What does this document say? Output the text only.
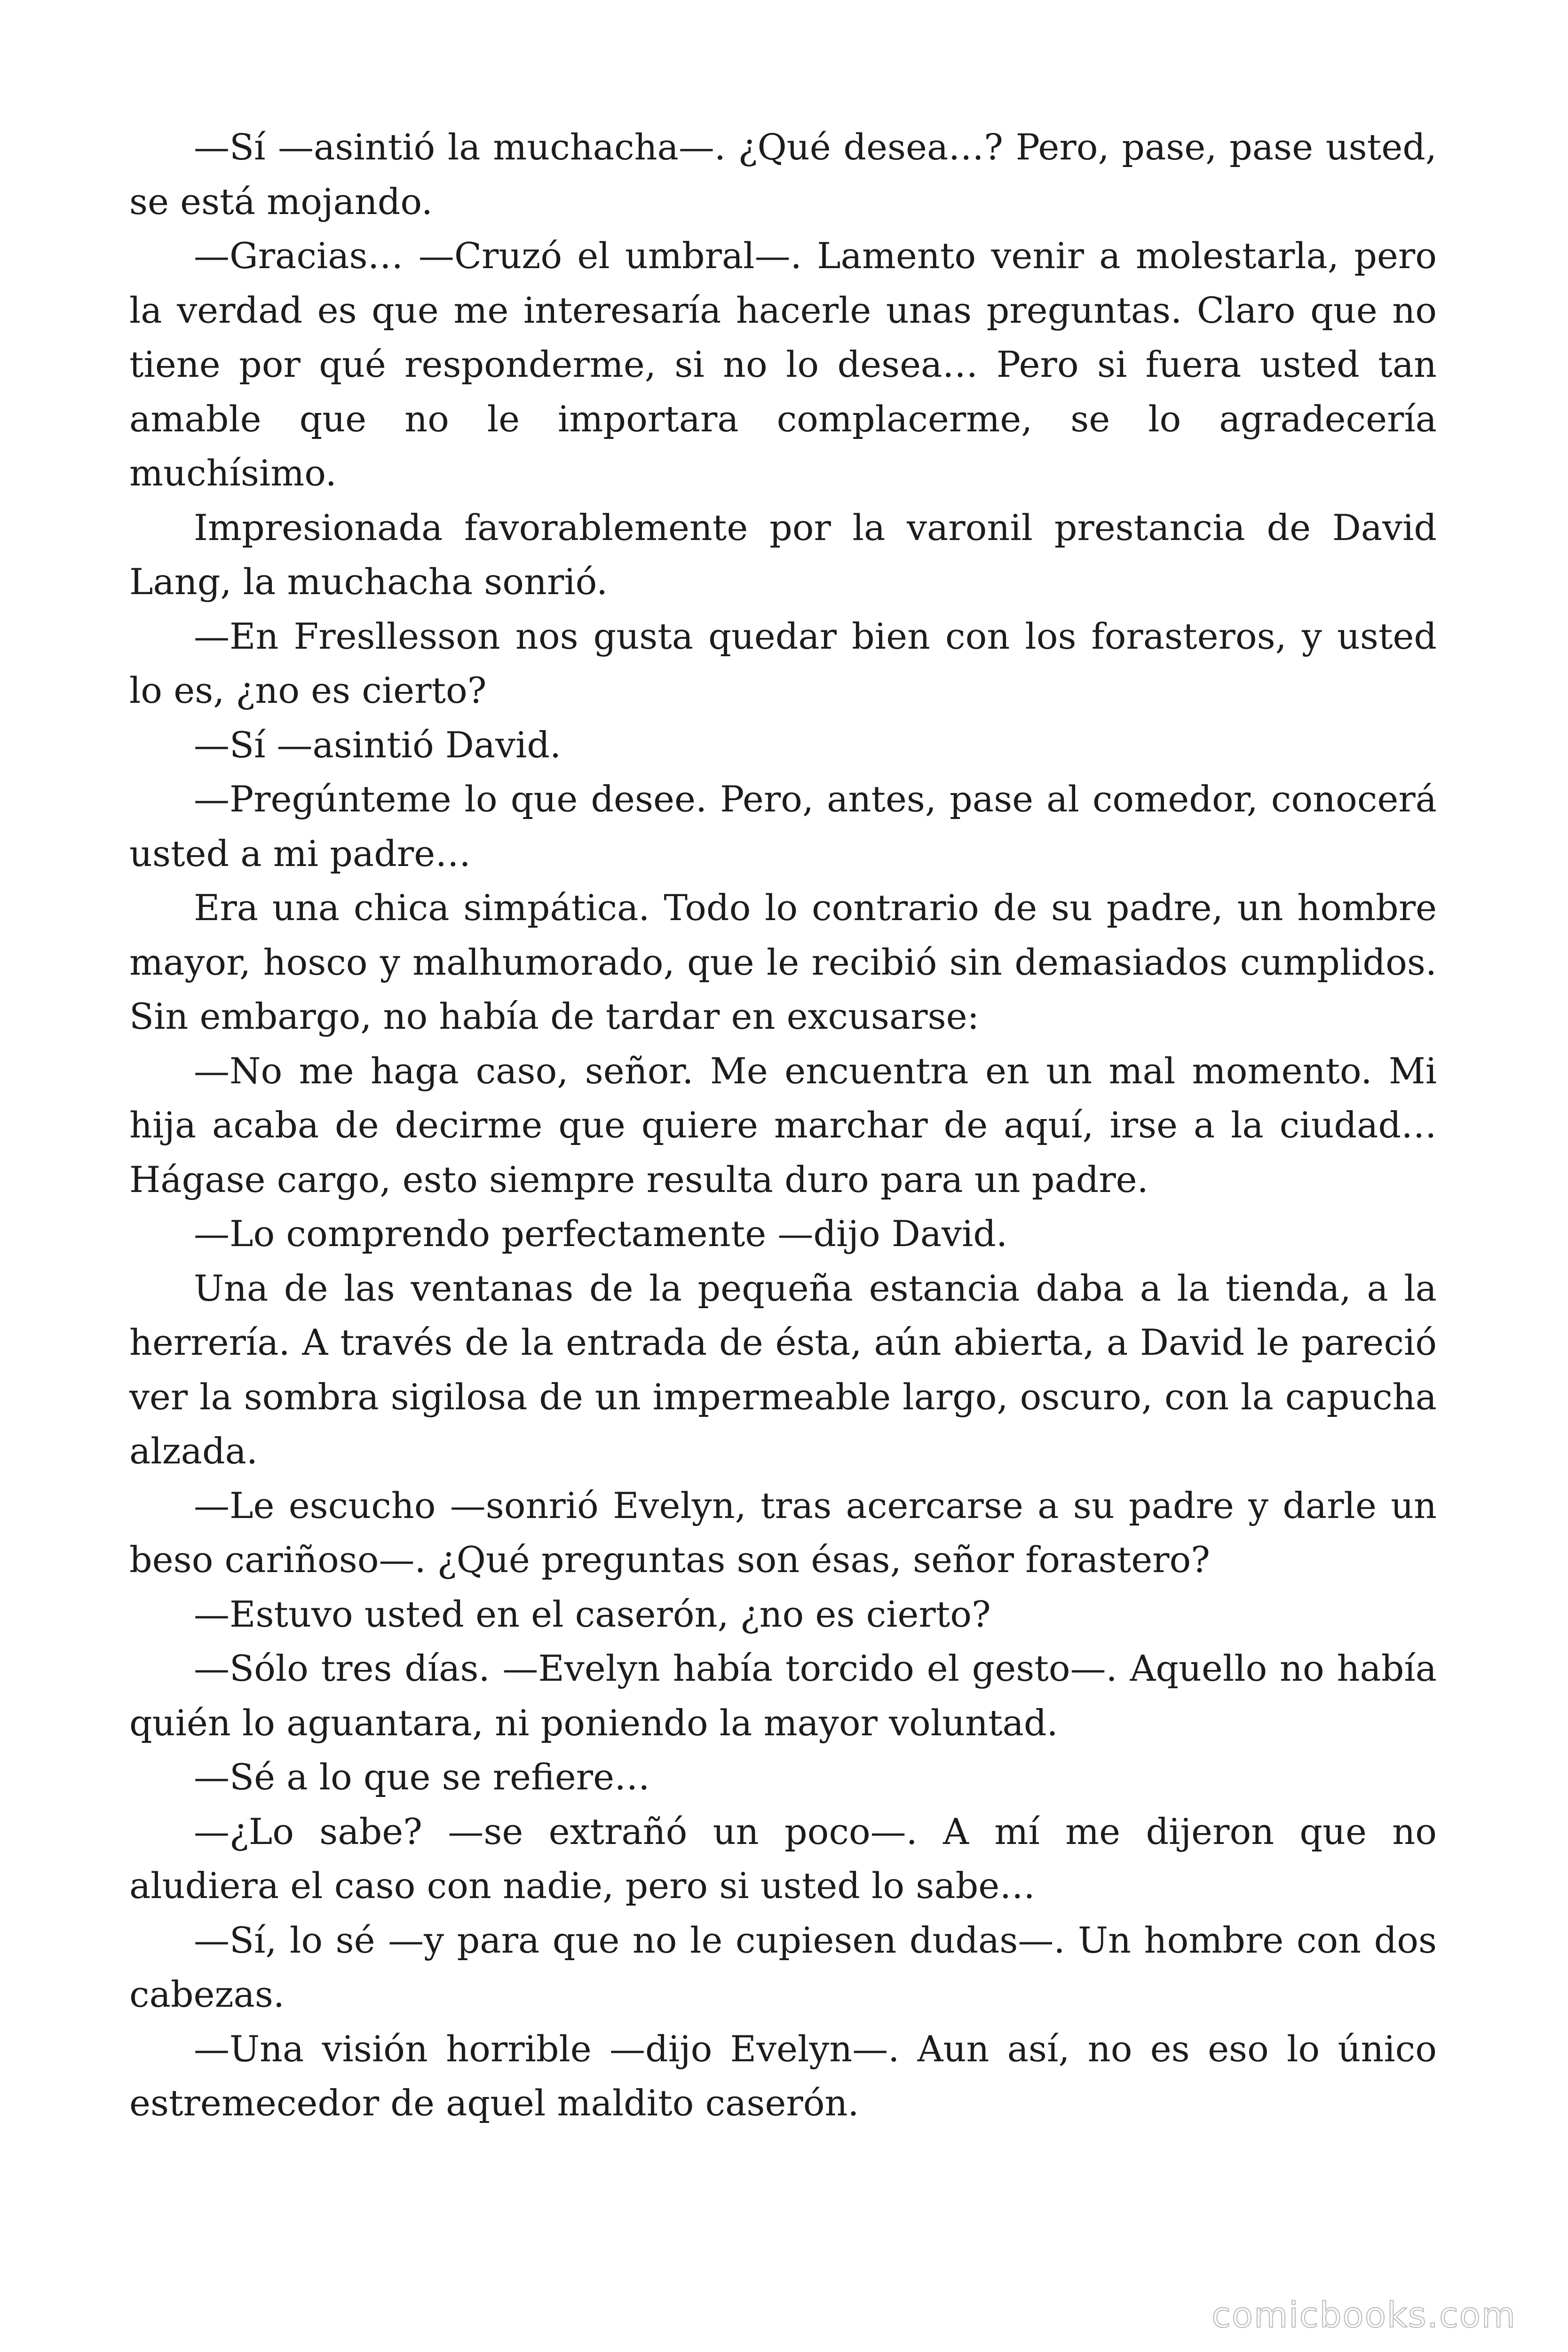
—Sí —asintió la muchacha—. ¿Qué desea…? Pero, pase, pase usted, se está mojando.

—Gracias… —Cruzó el umbral—. Lamento venir a molestarla, pero la verdad es que me interesaría hacerle unas preguntas. Claro que no tiene por qué responderme, si no lo desea… Pero si fuera usted tan amable que no le importara complacerme, se lo agradecería muchísimo.

Impresionada favorablemente por la varonil prestancia de David Lang, la muchacha sonrió.

—En Fresllesson nos gusta quedar bien con los forasteros, y usted lo es, ¿no es cierto?

—Sí —asintió David.

—Pregúnteme lo que desee. Pero, antes, pase al comedor, conocerá usted a mi padre…

Era una chica simpática. Todo lo contrario de su padre, un hombre mayor, hosco y malhumorado, que le recibió sin demasiados cumplidos. Sin embargo, no había de tardar en excusarse:

—No me haga caso, señor. Me encuentra en un mal momento. Mi hija acaba de decirme que quiere marchar de aquí, irse a la ciudad… Hágase cargo, esto siempre resulta duro para un padre.

—Lo comprendo perfectamente —dijo David.

Una de las ventanas de la pequeña estancia daba a la tienda, a la herrería. A través de la entrada de ésta, aún abierta, a David le pareció ver la sombra sigilosa de un impermeable largo, oscuro, con la capucha alzada.

—Le escucho —sonrió Evelyn, tras acercarse a su padre y darle un beso cariñoso—. ¿Qué preguntas son ésas, señor forastero?

—Estuvo usted en el caserón, ¿no es cierto?

—Sólo tres días. —Evelyn había torcido el gesto—. Aquello no había quién lo aguantara, ni poniendo la mayor voluntad.

—Sé a lo que se refiere…

—¿Lo sabe? —se extrañó un poco—. A mí me dijeron que no aludiera el caso con nadie, pero si usted lo sabe…

—Sí, lo sé —y para que no le cupiesen dudas—. Un hombre con dos cabezas.

—Una visión horrible —dijo Evelyn—. Aun así, no es eso lo único estremecedor de aquel maldito caserón.

comicbooks.com
